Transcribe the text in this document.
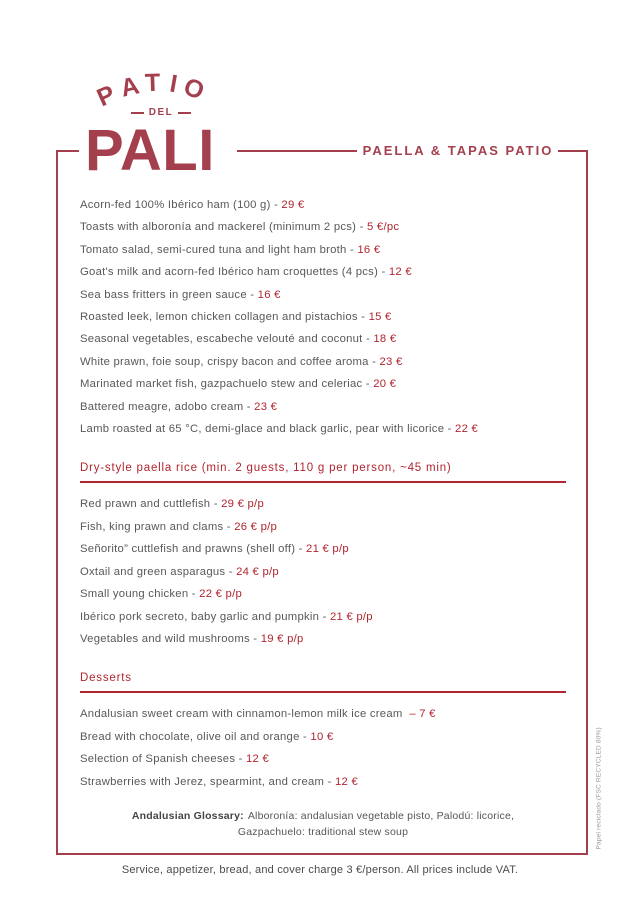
P
A T I O
DEL
PALI	PAELLA & TAPAS PATIO
Acorn-fed 100% Ibérico ham (100 g) - 29 €
Toasts with alboronía and mackerel (minimum 2 pcs) - 5 €/pc
Tomato salad, semi-cured tuna and light ham broth - 16 €
Goat's milk and acorn-fed Ibérico ham croquettes (4 pcs) - 12 €
Sea bass fritters in green sauce - 16 €
Roasted leek, lemon chicken collagen and pistachios - 15 €
Seasonal vegetables, escabeche velouté and coconut - 18 €
White prawn, foie soup, crispy bacon and coffee aroma - 23 €
Marinated market fish, gazpachuelo stew and celeriac - 20 €
Battered meagre, adobo cream - 23 €
Lamb roasted at 65 °C, demi-glace and black garlic, pear with licorice - 22 €
Dry-style paella rice (min. 2 guests, 110 g per person, ~45 min)
Red prawn and cuttlefish - 29 € p/p
Fish, king prawn and clams - 26 € p/p
Señorito” cuttlefish and prawns (shell off) - 21 € p/p
Oxtail and green asparagus - 24 € p/p
Small young chicken - 22 € p/p
Ibérico pork secreto, baby garlic and pumpkin - 21 € p/p
Vegetables and wild mushrooms - 19 € p/p
Desserts
Andalusian sweet cream with cinnamon-lemon milk ice cream – 7 €
Bread with chocolate, olive oil and orange - 10 €
Selection of Spanish cheeses - 12 €
Strawberries with Jerez, spearmint, and cream - 12 €
Andalusian Glossary: Alboronía: andalusian vegetable pisto, Palodú: licorice,
Gazpachuelo: traditional stew soup
Service, appetizer, bread, and cover charge 3 €/person. All prices include VAT.
Papel reciclado (FSC RECYCLED 80%)
